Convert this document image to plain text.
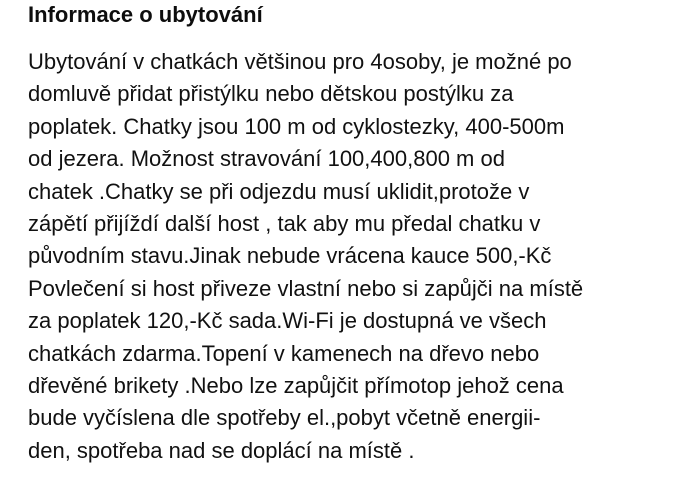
Informace o ubytování
Ubytování v chatkách většinou pro 4osoby, je možné po
domluvě přidat přistýlku nebo dětskou postýlku za
poplatek. Chatky jsou 100 m od cyklostezky, 400-500m
od jezera. Možnost stravování 100,400,800 m od
chatek .Chatky se při odjezdu musí uklidit,protože v
zápětí přijíždí další host , tak aby mu předal chatku v
původním stavu.Jinak nebude vrácena kauce 500,-Kč
Povlečení si host přiveze vlastní nebo si zapůjči na místě
za poplatek 120,-Kč sada.Wi-Fi je dostupná ve všech
chatkách zdarma.Topení v kamenech na dřevo nebo
dřevěné brikety .Nebo lze zapůjčit přímotop jehož cena
bude vyčíslena dle spotřeby el.,pobyt včetně energii-
den, spotřeba nad se doplácí na místě .
